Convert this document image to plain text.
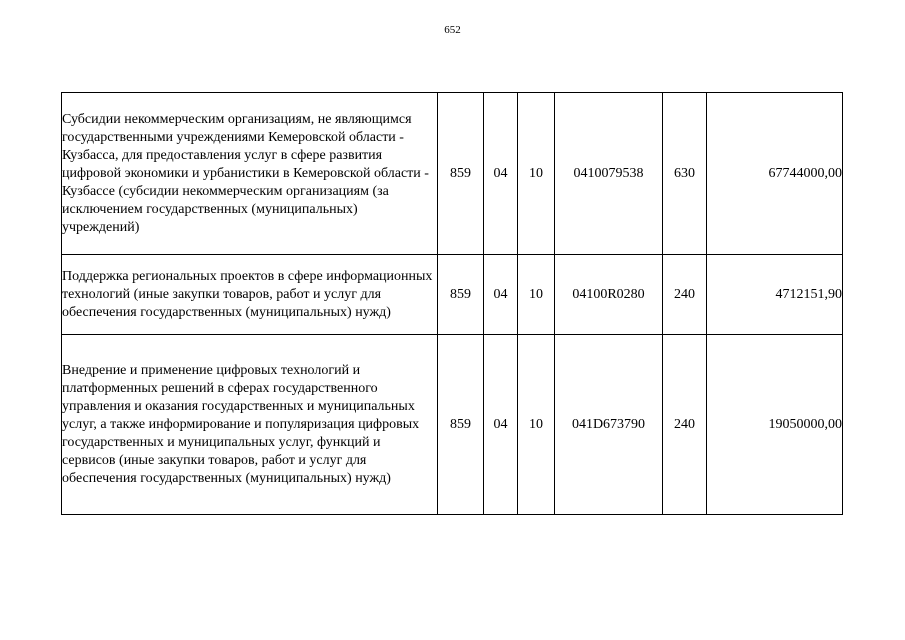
652
Субсидии некоммерческим организациям, не являющимся государственными учреждениями Кемеровской области - Кузбасса, для предоставления услуг в сфере развития цифровой экономики и урбанистики в Кемеровской области - Кузбассе (субсидии некоммерческим организациям (за исключением государственных (муниципальных) учреждений)	859	04	10	0410079538	630	67744000,00
Поддержка региональных проектов в сфере информационных технологий (иные закупки товаров, работ и услуг для обеспечения государственных (муниципальных) нужд)	859	04	10	04100R0280	240	4712151,90
Внедрение и применение цифровых технологий и платформенных решений в сферах государственного управления и оказания государственных и муниципальных услуг, а также информирование и популяризация цифровых государственных и муниципальных услуг, функций и сервисов (иные закупки товаров, работ и услуг для обеспечения государственных (муниципальных) нужд)	859	04	10	041D673790	240	19050000,00
